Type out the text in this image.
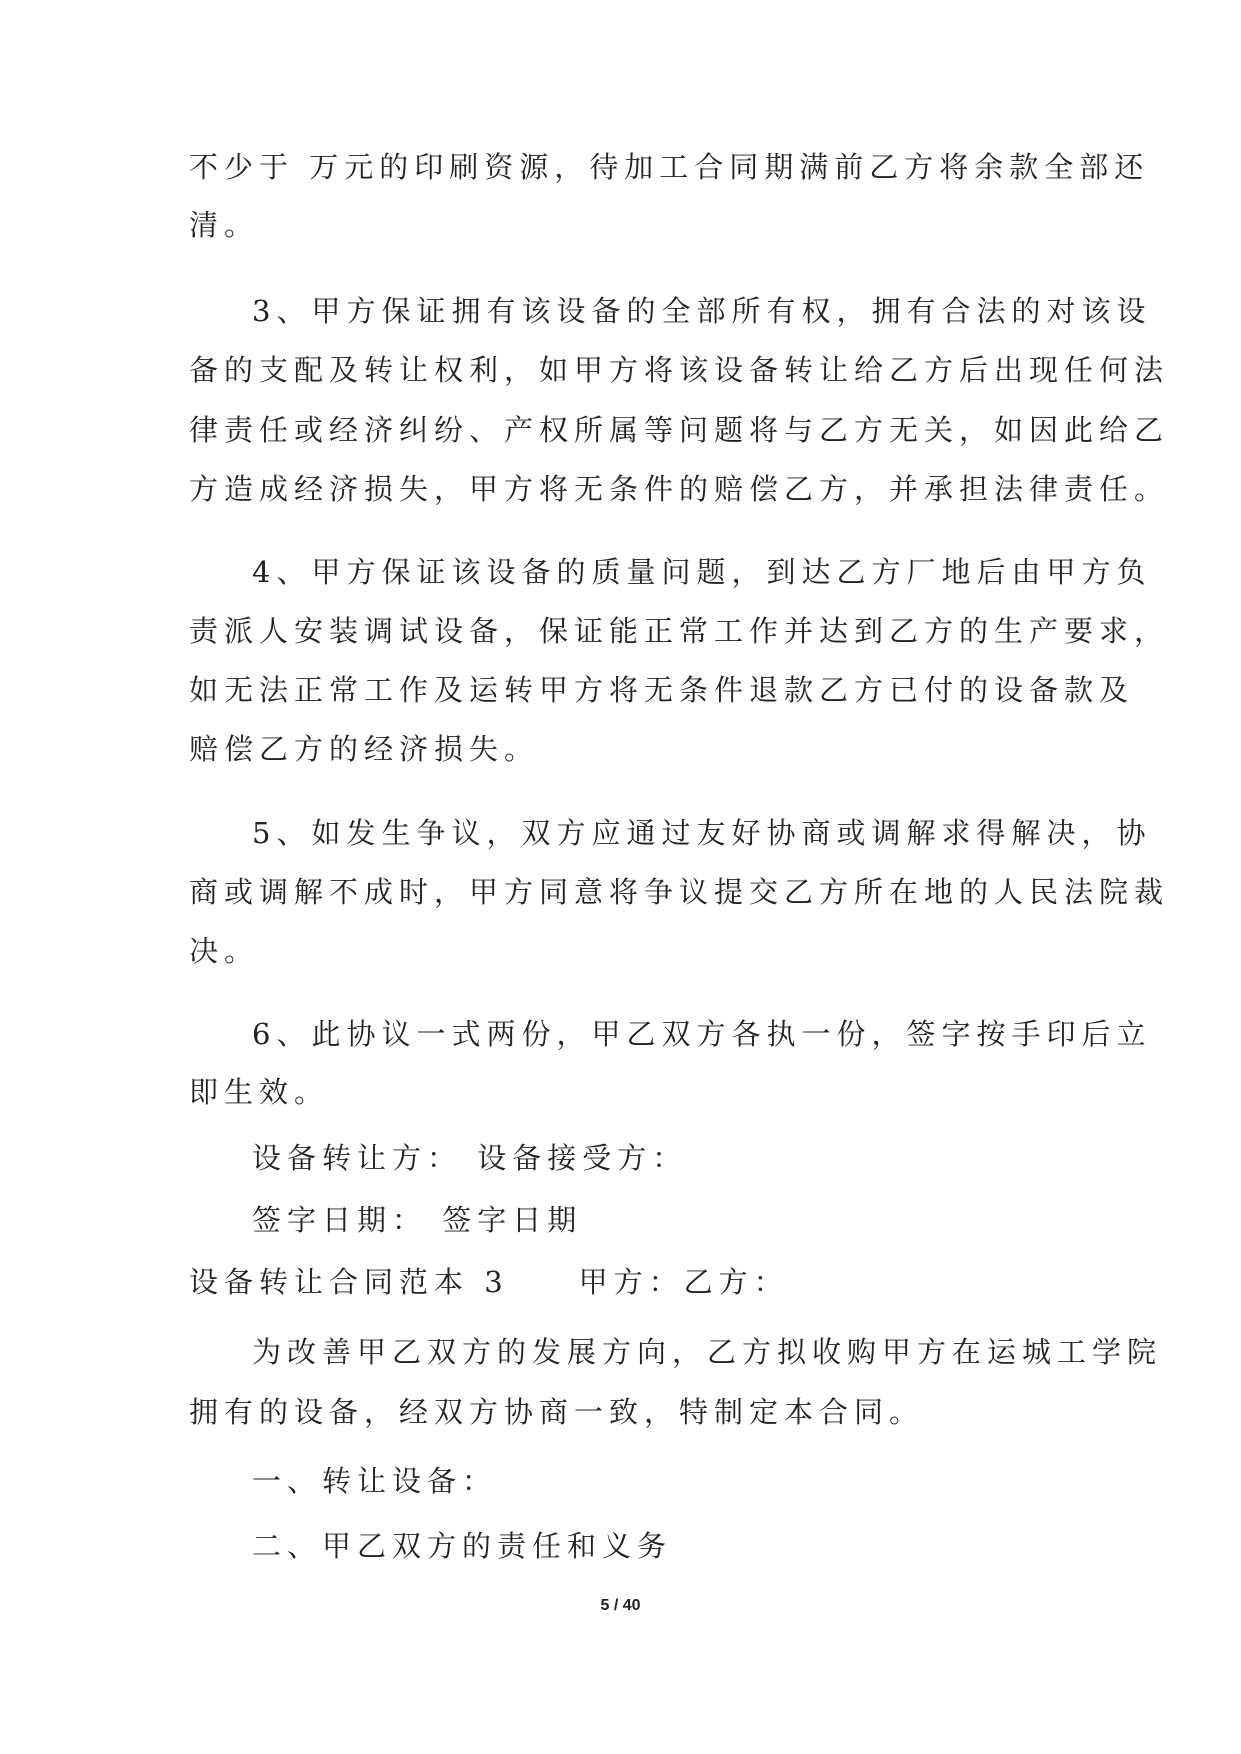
不少于 万元的印刷资源，待加工合同期满前乙方将余款全部还
清。
3、甲方保证拥有该设备的全部所有权，拥有合法的对该设
备的支配及转让权利，如甲方将该设备转让给乙方后出现任何法
律责任或经济纠纷、产权所属等问题将与乙方无关，如因此给乙
方造成经济损失，甲方将无条件的赔偿乙方，并承担法律责任。
4、甲方保证该设备的质量问题，到达乙方厂地后由甲方负
责派人安装调试设备，保证能正常工作并达到乙方的生产要求，
如无法正常工作及运转甲方将无条件退款乙方已付的设备款及
赔偿乙方的经济损失。
5、如发生争议，双方应通过友好协商或调解求得解决，协
商或调解不成时，甲方同意将争议提交乙方所在地的人民法院裁
决。
6、此协议一式两份，甲乙双方各执一份，签字按手印后立
即生效。
设备转让方： 设备接受方：
签字日期： 签字日期
设备转让合同范本 3　　甲方：乙方：
为改善甲乙双方的发展方向，乙方拟收购甲方在运城工学院
拥有的设备，经双方协商一致，特制定本合同。
一、转让设备：
二、甲乙双方的责任和义务
5 / 40
